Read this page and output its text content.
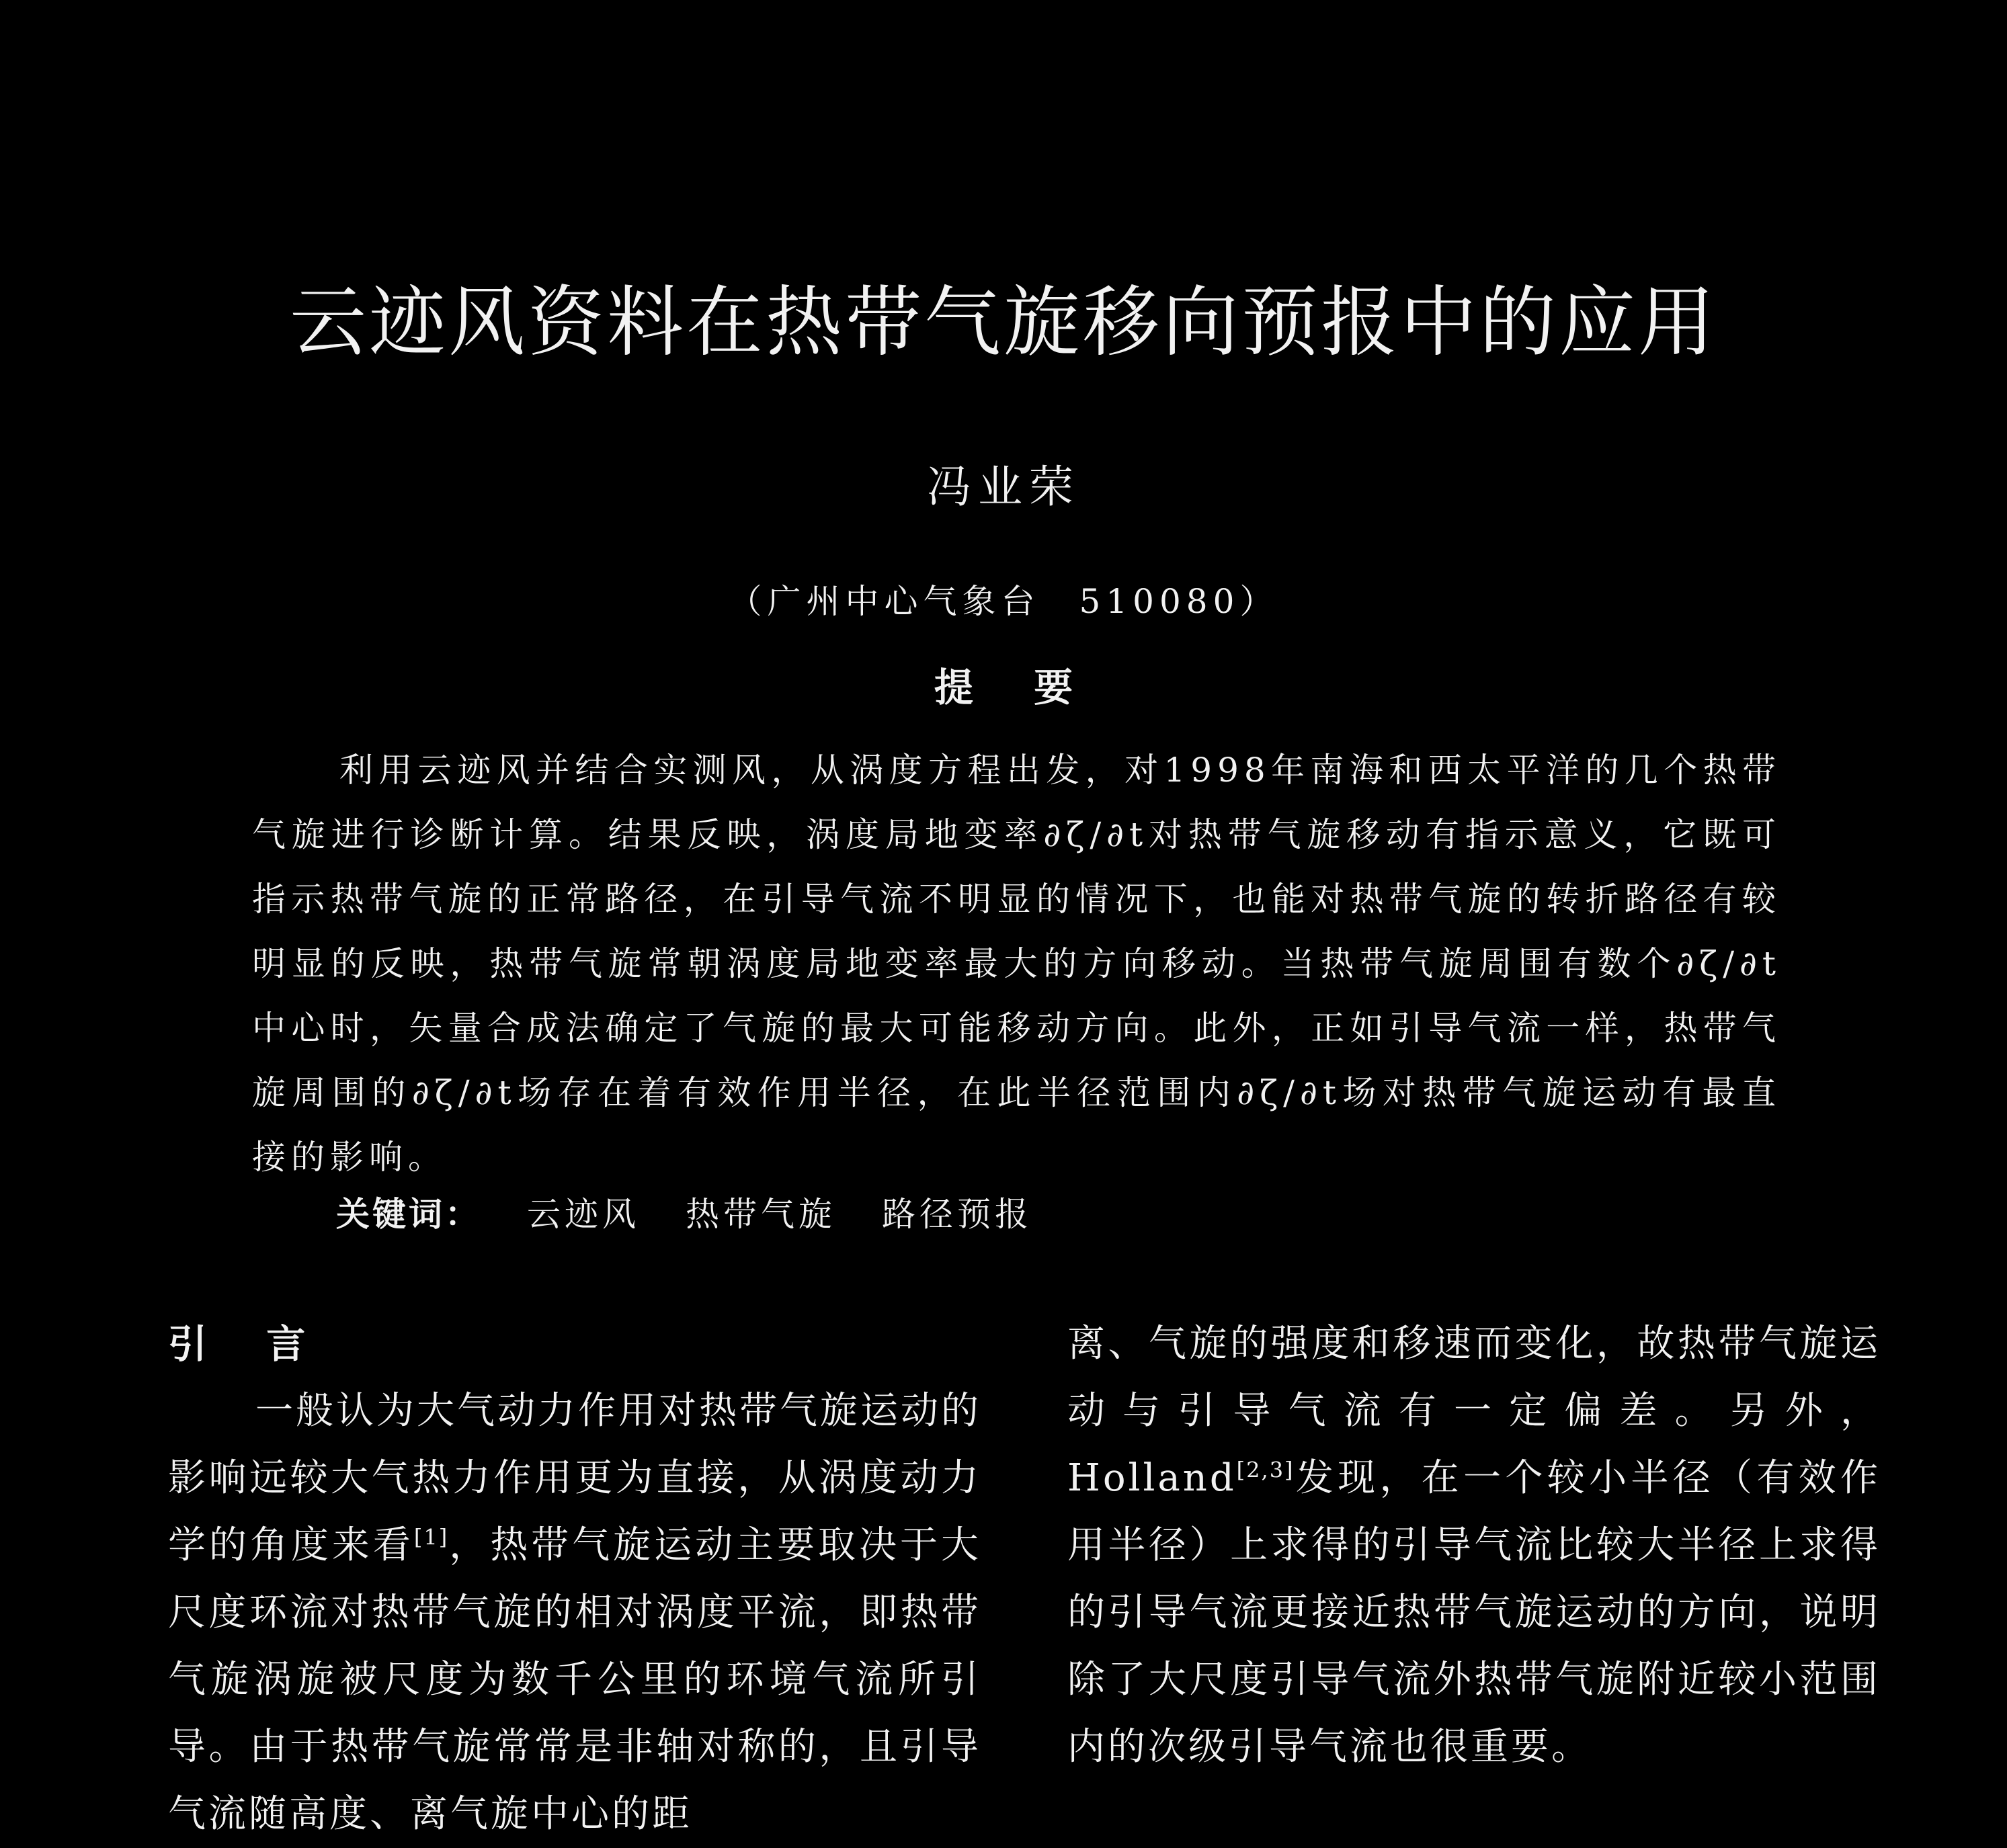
云迹风资料在热带气旋移向预报中的应用
冯业荣
（广州中心气象台　510080）
提 要
利用云迹风并结合实测风，从涡度方程出发，对1998年南海和西太平洋的几个热带气旋进行诊断计算。结果反映，涡度局地变率∂ζ/∂t对热带气旋移动有指示意义，它既可指示热带气旋的正常路径，在引导气流不明显的情况下，也能对热带气旋的转折路径有较明显的反映，热带气旋常朝涡度局地变率最大的方向移动。当热带气旋周围有数个∂ζ/∂t中心时，矢量合成法确定了气旋的最大可能移动方向。此外，正如引导气流一样，热带气旋周围的∂ζ/∂t场存在着有效作用半径，在此半径范围内∂ζ/∂t场对热带气旋运动有最直接的影响。
关键词： 云迹风 热带气旋 路径预报
引 言

一般认为大气动力作用对热带气旋运动的影响远较大气热力作用更为直接，从涡度动力学的角度来看[1]，热带气旋运动主要取决于大尺度环流对热带气旋的相对涡度平流，即热带气旋涡旋被尺度为数千公里的环境气流所引导。由于热带气旋常常是非轴对称的，且引导气流随高度、离气旋中心的距

离、气旋的强度和移速而变化，故热带气旋运动与引导气流有一定偏差。另外，Holland[2,3]发现，在一个较小半径（有效作用半径）上求得的引导气流比较大半径上求得的引导气流更接近热带气旋运动的方向，说明除了大尺度引导气流外热带气旋附近较小范围内的次级引导气流也很重要。
